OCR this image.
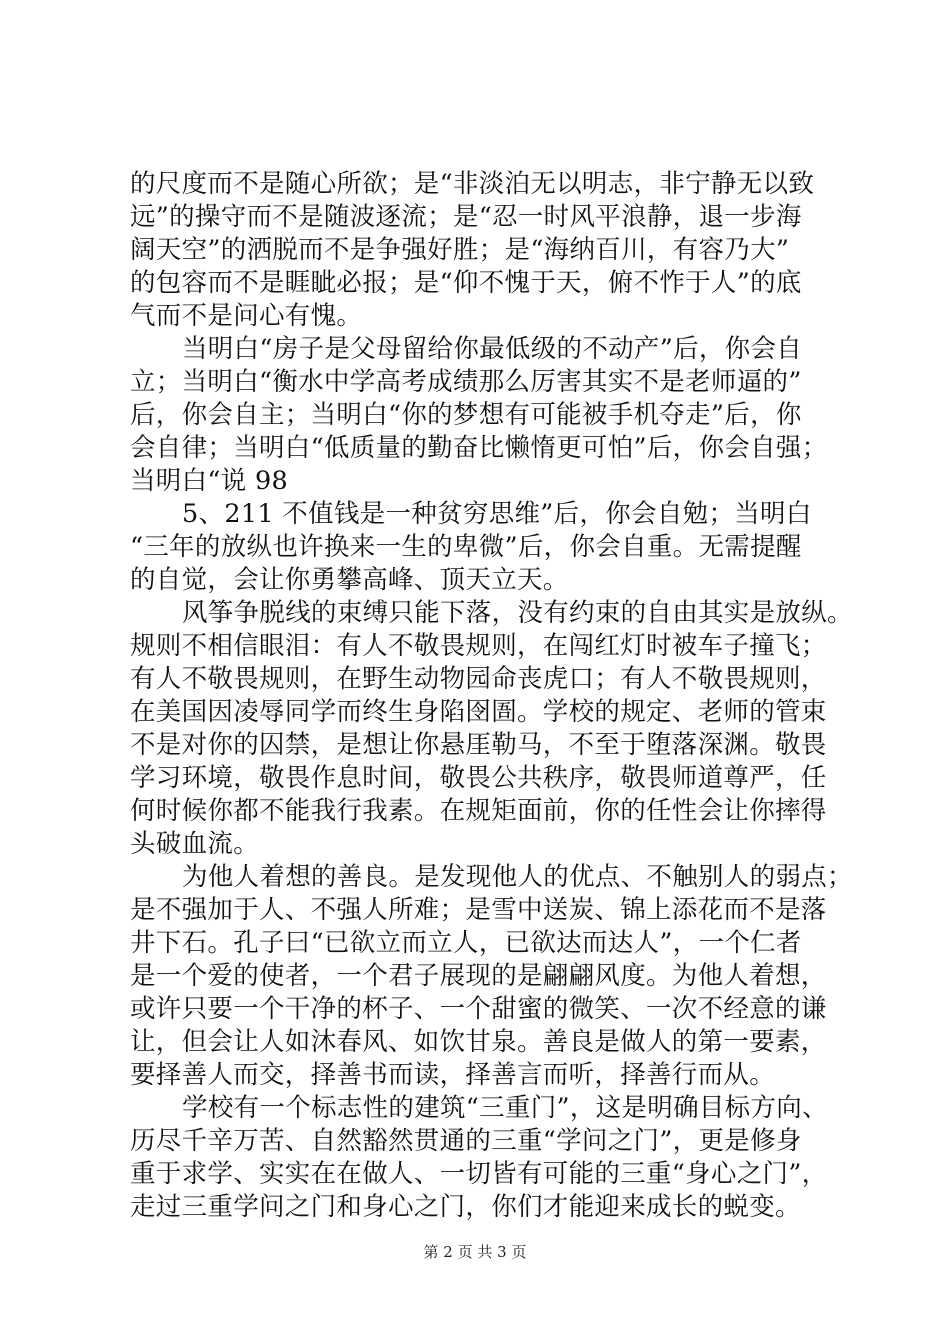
的尺度而不是随心所欲；是“非淡泊无以明志，非宁静无以致
远”的操守而不是随波逐流；是“忍一时风平浪静，退一步海
阔天空”的洒脱而不是争强好胜；是“海纳百川，有容乃大”
的包容而不是睚眦必报；是“仰不愧于天，俯不怍于人”的底
气而不是问心有愧。
当明白“房子是父母留给你最低级的不动产”后，你会自
立；当明白“衡水中学高考成绩那么厉害其实不是老师逼的”
后，你会自主；当明白“你的梦想有可能被手机夺走”后，你
会自律；当明白“低质量的勤奋比懒惰更可怕”后，你会自强；
当明白“说 98
5、211 不值钱是一种贫穷思维”后，你会自勉；当明白
“三年的放纵也许换来一生的卑微”后，你会自重。无需提醒
的自觉，会让你勇攀高峰、顶天立天。
风筝争脱线的束缚只能下落，没有约束的自由其实是放纵。
规则不相信眼泪：有人不敬畏规则，在闯红灯时被车子撞飞；
有人不敬畏规则，在野生动物园命丧虎口；有人不敬畏规则，
在美国因凌辱同学而终生身陷囹圄。学校的规定、老师的管束
不是对你的囚禁，是想让你悬厓勒马，不至于堕落深渊。敬畏
学习环境，敬畏作息时间，敬畏公共秩序，敬畏师道尊严，任
何时候你都不能我行我素。在规矩面前，你的任性会让你摔得
头破血流。
为他人着想的善良。是发现他人的优点、不触别人的弱点；
是不强加于人、不强人所难；是雪中送炭、锦上添花而不是落
井下石。孔子曰“已欲立而立人，已欲达而达人”，一个仁者
是一个爱的使者，一个君子展现的是翩翩风度。为他人着想，
或许只要一个干净的杯子、一个甜蜜的微笑、一次不经意的谦
让，但会让人如沐春风、如饮甘泉。善良是做人的第一要素，
要择善人而交，择善书而读，择善言而听，择善行而从。
学校有一个标志性的建筑“三重门”，这是明确目标方向、
历尽千辛万苦、自然豁然贯通的三重“学问之门”，更是修身
重于求学、实实在在做人、一切皆有可能的三重“身心之门”，
走过三重学问之门和身心之门，你们才能迎来成长的蜕变。
第 2 页 共 3 页
